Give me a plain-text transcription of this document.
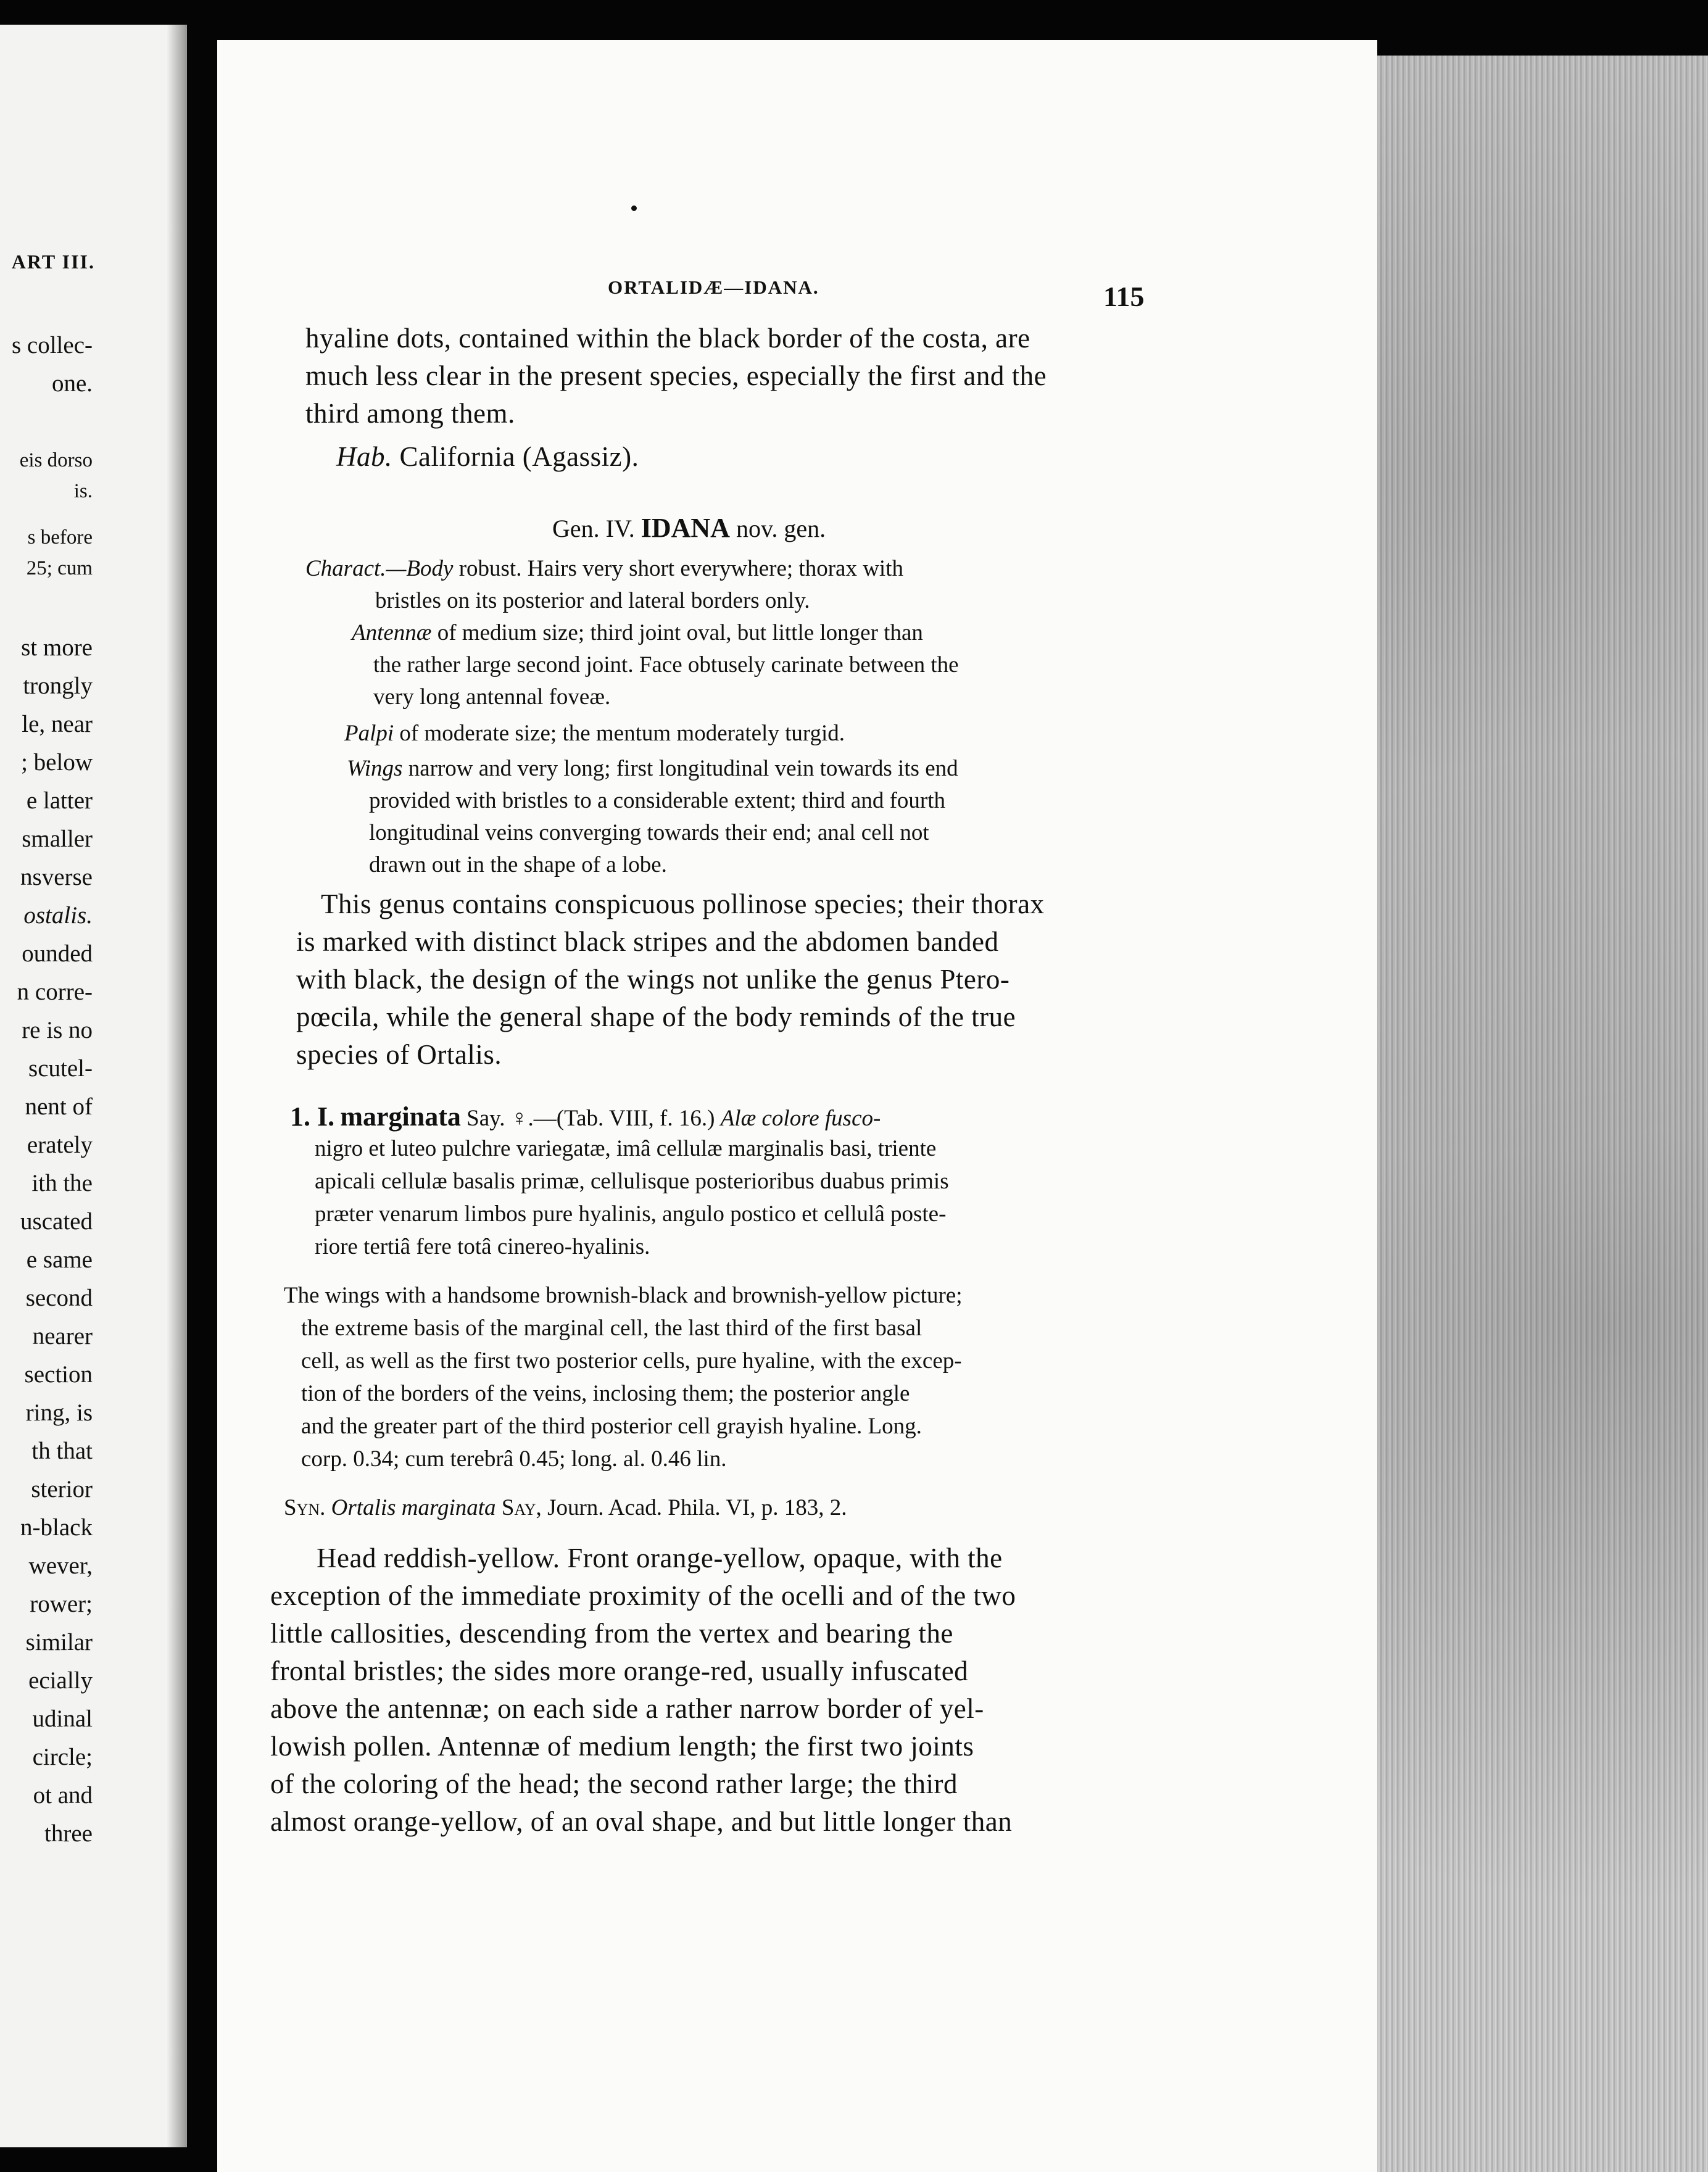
ART III.
s collec-
one.
eis dorso
is.
s before
25; cum
st more
trongly
le, near
; below
e latter
smaller
nsverse
ostalis.
ounded
n corre-
re is no
scutel-
nent of
erately
ith the
uscated
e same
second
nearer
section
ring, is
th that
sterior
n-black
wever,
rower;
similar
ecially
udinal
circle;
ot and
three
ORTALIDÆ—IDANA.	115
hyaline dots, contained within the black border of the costa, are
much less clear in the present species, especially the first and the
third among them.
Hab. California (Agassiz).
Gen. IV. IDANA nov. gen.
Charact.—Body robust. Hairs very short everywhere; thorax with
bristles on its posterior and lateral borders only.
Antennæ of medium size; third joint oval, but little longer than
the rather large second joint. Face obtusely carinate between the
very long antennal foveæ.
Palpi of moderate size; the mentum moderately turgid.
Wings narrow and very long; first longitudinal vein towards its end
provided with bristles to a considerable extent; third and fourth
longitudinal veins converging towards their end; anal cell not
drawn out in the shape of a lobe.
This genus contains conspicuous pollinose species; their thorax
is marked with distinct black stripes and the abdomen banded
with black, the design of the wings not unlike the genus Ptero-
pœcila, while the general shape of the body reminds of the true
species of Ortalis.
1. I. marginata Say. ♀.—(Tab. VIII, f. 16.) Alæ colore fusco-
nigro et luteo pulchre variegatæ, imâ cellulæ marginalis basi, triente
apicali cellulæ basalis primæ, cellulisque posterioribus duabus primis
præter venarum limbos pure hyalinis, angulo postico et cellulâ poste-
riore tertiâ fere totâ cinereo-hyalinis.
The wings with a handsome brownish-black and brownish-yellow picture;
the extreme basis of the marginal cell, the last third of the first basal
cell, as well as the first two posterior cells, pure hyaline, with the excep-
tion of the borders of the veins, inclosing them; the posterior angle
and the greater part of the third posterior cell grayish hyaline. Long.
corp. 0.34; cum terebrâ 0.45; long. al. 0.46 lin.
Syn. Ortalis marginata Say, Journ. Acad. Phila. VI, p. 183, 2.
Head reddish-yellow. Front orange-yellow, opaque, with the
exception of the immediate proximity of the ocelli and of the two
little callosities, descending from the vertex and bearing the
frontal bristles; the sides more orange-red, usually infuscated
above the antennæ; on each side a rather narrow border of yel-
lowish pollen. Antennæ of medium length; the first two joints
of the coloring of the head; the second rather large; the third
almost orange-yellow, of an oval shape, and but little longer than
